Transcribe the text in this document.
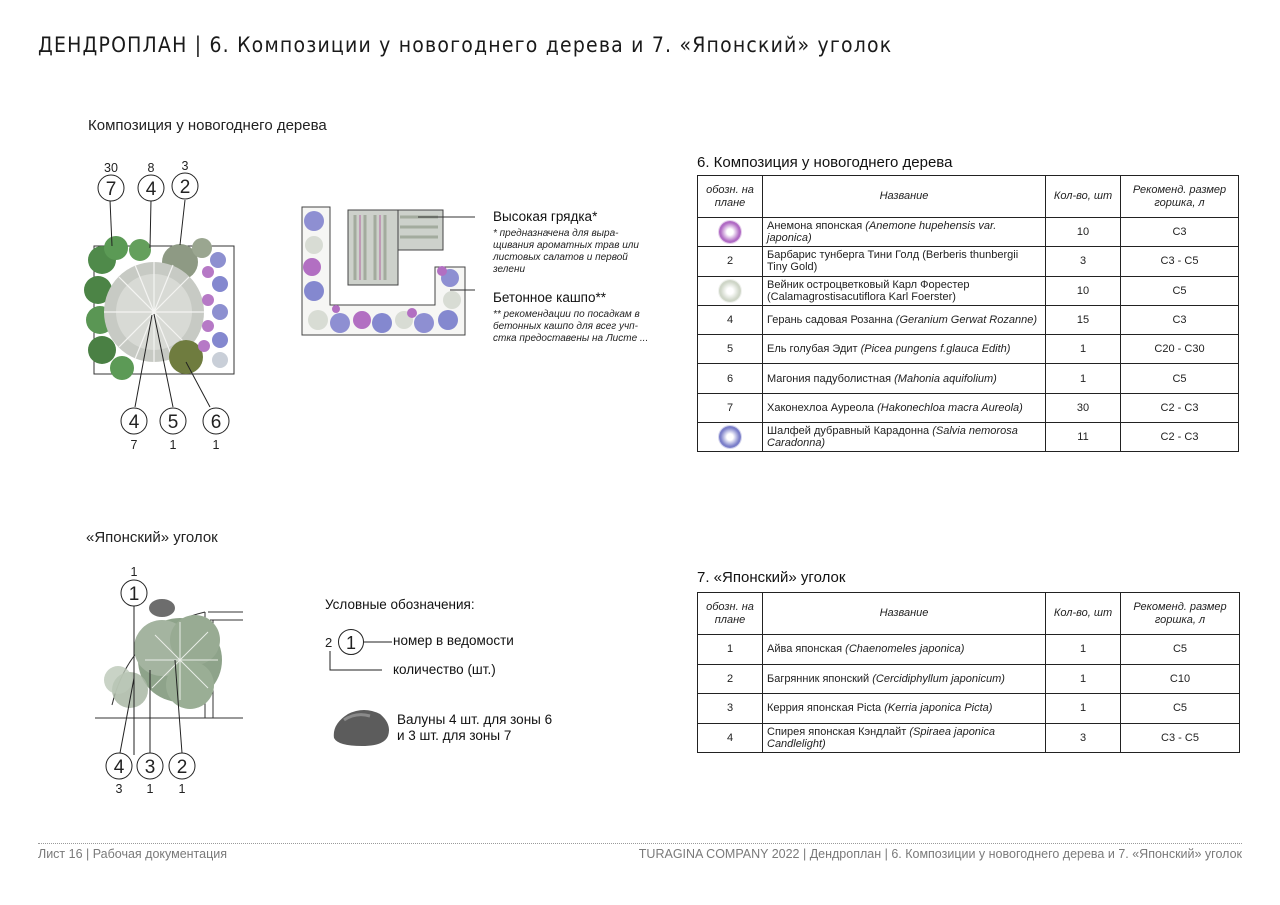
ДЕНДРОПЛАН | 6. Композиции у новогоднего дерева и 7. «Японский» уголок
Композиция у новогоднего дерева
«Японский» уголок
30
7
8
4
3
2
4
7
5
1
6
1
Высокая грядка*
* предназначена для выра-щивания ароматных трав или листовых салатов и первой зелени
Бетонное кашпо**
** рекомендации по посадкам в бетонных кашпо для всег учп-стка предоставены на Листе ...
1
1
4
3
3
1
2
1
Условные обозначения:
2 1	номер в ведомости
количество (шт.)
Валуны 4 шт. для зоны 6
и 3 шт. для зоны 7
6. Композиция у новогоднего дерева
обозн. на плане	Название	Кол-во, шт	Рекоменд. размер горшка, л
	Анемона японская (Anemone hupehensis var. japonica)	10	С3
2	Барбарис тунберга Тини Голд (Berberis thunbergii Tiny Gold)	3	С3 - С5
	Вейник остроцветковый Карл Форестер (Calamagrostisacutiflora Karl Foerster)	10	С5
4	Герань садовая Розанна (Geranium Gerwat Rozanne)	15	С3
5	Ель голубая Эдит (Picea pungens f.glauca Edith)	1	С20 - С30
6	Магония падуболистная (Mahonia aquifolium)	1	С5
7	Хаконехлоа Ауреола (Hakonechloa macra Aureola)	30	С2 - С3
	Шалфей дубравный Карадонна (Salvia nemorosa Caradonna)	11	С2 - С3
7. «Японский» уголок
обозн. на плане	Название	Кол-во, шт	Рекоменд. размер горшка, л
1	Айва японская (Chaenomeles japonica)	1	С5
2	Багрянник японский (Cercidiphyllum japonicum)	1	С10
3	Керрия японская Picta (Kerria japonica Picta)	1	С5
4	Спирея японская Кэндлайт (Spiraea japonica Candlelight)	3	С3 - С5
Лист 16 | Рабочая документация	TURAGINA COMPANY 2022 | Дендроплан | 6. Композиции у новогоднего дерева и 7. «Японский» уголок
